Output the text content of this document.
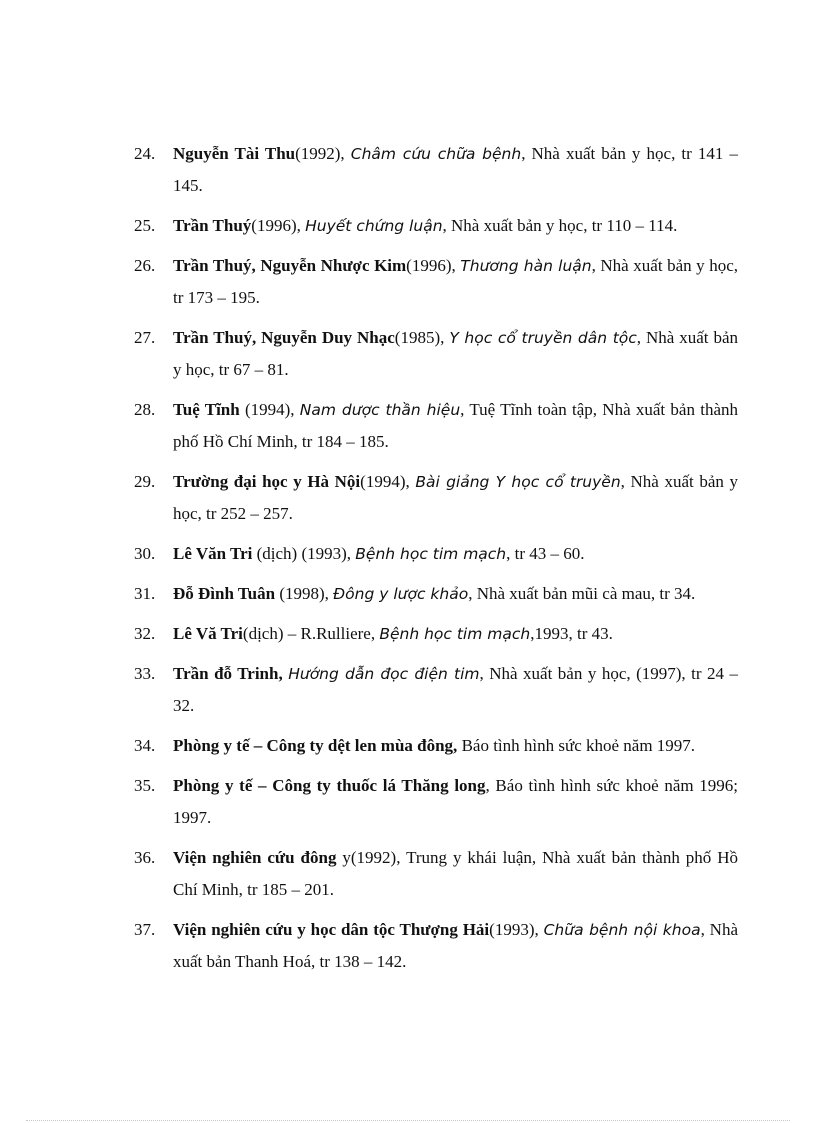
24.	Nguyễn Tài Thu(1992), Châm cứu chữa bệnh, Nhà xuất bản y học, tr 141 – 145.
25.	Trần Thuý(1996), Huyết chứng luận, Nhà xuất bản y học, tr 110 – 114.
26.	Trần Thuý, Nguyễn Nhược Kim(1996), Thương hàn luận, Nhà xuất bản y học, tr 173 – 195.
27.	Trần Thuý, Nguyễn Duy Nhạc(1985), Y học cổ truyền dân tộc, Nhà xuất bản y học, tr 67 – 81.
28.	Tuệ Tĩnh (1994), Nam dược thần hiệu, Tuệ Tĩnh toàn tập, Nhà xuất bản thành phố Hồ Chí Minh, tr 184 – 185.
29.	Trường đại học y Hà Nội(1994), Bài giảng Y học cổ truyền, Nhà xuất bản y học, tr 252 – 257.
30.	Lê Văn Tri (dịch) (1993), Bệnh học tim mạch, tr 43 – 60.
31.	Đỗ Đình Tuân (1998), Đông y lược khảo, Nhà xuất bản mũi cà mau, tr 34.
32.	Lê Vă Tri(dịch) – R.Rulliere, Bệnh học tim mạch,1993, tr 43.
33.	Trần đỗ Trinh, Hướng dẫn đọc điện tim, Nhà xuất bản y học, (1997), tr 24 – 32.
34.	Phòng y tế – Công ty dệt len mùa đông, Báo tình hình sức khoẻ năm 1997.
35.	Phòng y tế – Công ty thuốc lá Thăng long, Báo tình hình sức khoẻ năm 1996; 1997.
36.	Viện nghiên cứu đông y(1992), Trung y khái luận, Nhà xuất bản thành phố Hồ Chí Minh, tr 185 – 201.
37.	Viện nghiên cứu y học dân tộc Thượng Hải(1993), Chữa bệnh nội khoa, Nhà xuất bản Thanh Hoá, tr 138 – 142.
